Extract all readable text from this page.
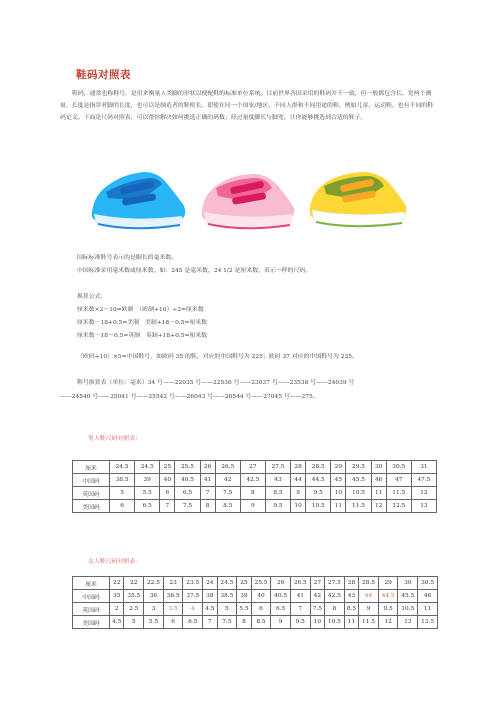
鞋码对照表
鞋码，通常也称鞋号，是用来衡量人类脚的形状以便配鞋的标准单位系统。目前世界各国采用的鞋码并不一致，但一般都包含长、宽两个测量，长度是指穿者脚的长度，也可以是制造者的鞋楦长。即使在同一个国家/地区，不同人群和不同用途的鞋，例如儿童、运动鞋，也有不同的鞋码定义。下面是尺码对照表，可以帮你解决如何挑选正确的码数；经过量度脚长与脚宽，让你能够挑选到合适的鞋子。
国际标准鞋号表示的是脚长的毫米数。
中国标准采用毫米数或厘米数。如：245 是毫米数，24 1/2 是厘米数，表示一样的尺码。
换算公式：
厘米数×2－10=欧制　（欧制+10）÷2=厘米数
厘米数－18+0.5=美制　美制+18－0.5=厘米数
厘米数－18－0.5=英制　英制+18+0.5=厘米数
（欧码+10）×5=中国鞋号，如欧码 35 的鞋，对应的中国鞋号为 225；欧码 37 对应的中国鞋号为 235。
鞋号换算表（单位：毫米）34 号——22035 号——22536 号——23037 号——23538 号——24039 号
——24540 号——25041 号——25542 号——26043 号——26544 号——27045 号——275。
男人鞋尺码对照表：
厘米	24.5	24.5	25	25.5	26	26.5	27	27.5	28	28.5	29	29.5	30	30.5	31
中国码	38.5	39	40	40.5	41	42	42.5	43	44	44.5	45	45.5	46	47	47.5
英国码	5	5.5	6	6.5	7	7.5	8	8.5	9	9.5	10	10.5	11	11.5	12
美国码	6	6.5	7	7.5	8	8.5	9	9.5	10	10.5	11	11.5	12	12.5	13
女人鞋尺码对照表：
厘米	22	22	22.5	23	23.5	24	24.5	25	25.5	26	26.5	27	27.5	28	28.5	29	30	30.5
中国码	35	35.5	36	36.5	37.5	38	38.5	39	40	40.5	41	42	42.5	43	44	44.5	45.5	46
英国码	2	2.5	3	3.5	4	4.5	5	5.5	6	6.5	7	7.5	8	8.5	9	9.5	10.5	11
美国码	4.5	5	5.5	6	6.5	7	7.5	8	8.5	9	9.5	10	10.5	11	11.5	12	13	13.5
